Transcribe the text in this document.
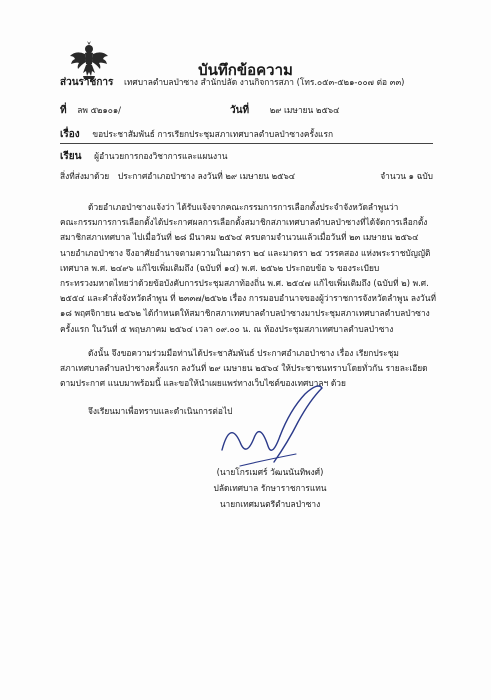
บันทึกข้อความ
ส่วนราชการ เทศบาลตำบลป่าซาง สำนักปลัด งานกิจการสภา (โทร.๐๕๓-๕๒๑-๐๐๗ ต่อ ๓๓)
ที่ ลพ ๕๒๑๐๑/	วันที่ ๒๙ เมษายน ๒๕๖๔
เรื่อง ขอประชาสัมพันธ์ การเรียกประชุมสภาเทศบาลตำบลป่าซางครั้งแรก
เรียน ผู้อำนวยการกองวิชาการและแผนงาน
สิ่งที่ส่งมาด้วย ประกาศอำเภอป่าซาง ลงวันที่ ๒๙ เมษายน ๒๕๖๔	จำนวน ๑ ฉบับ
ด้วยอำเภอป่าซางแจ้งว่า ได้รับแจ้งจากคณะกรรมการการเลือกตั้งประจำจังหวัดลำพูนว่า
คณะกรรมการการเลือกตั้งได้ประกาศผลการเลือกตั้งสมาชิกสภาเทศบาลตำบลป่าซางที่ได้จัดการเลือกตั้ง
สมาชิกสภาเทศบาล ไปเมื่อวันที่ ๒๘ มีนาคม ๒๕๖๔ ครบตามจำนวนแล้วเมื่อวันที่ ๒๓ เมษายน ๒๕๖๔
นายอำเภอป่าซาง จึงอาศัยอำนาจตามความในมาตรา ๒๔ และมาตรา ๒๕ วรรคสอง แห่งพระราชบัญญัติ
เทศบาล พ.ศ. ๒๔๙๖ แก้ไขเพิ่มเติมถึง (ฉบับที่ ๑๔) พ.ศ. ๒๕๖๒ ประกอบข้อ ๖ ของระเบียบ
กระทรวงมหาดไทยว่าด้วยข้อบังคับการประชุมสภาท้องถิ่น พ.ศ. ๒๕๔๗ แก้ไขเพิ่มเติมถึง (ฉบับที่ ๒) พ.ศ.
๒๕๕๔ และคำสั่งจังหวัดลำพูน ที่ ๒๓๓๗/๒๕๖๒ เรื่อง การมอบอำนาจของผู้ว่าราชการจังหวัดลำพูน ลงวันที่
๑๘ พฤศจิกายน ๒๕๖๒ ได้กำหนดให้สมาชิกสภาเทศบาลตำบลป่าซางมาประชุมสภาเทศบาลตำบลป่าซาง
ครั้งแรก ในวันที่ ๕ พฤษภาคม ๒๕๖๔ เวลา ๐๙.๐๐ น. ณ ห้องประชุมสภาเทศบาลตำบลป่าซาง
ดังนั้น จึงขอความร่วมมือท่านได้ประชาสัมพันธ์ ประกาศอำเภอป่าซาง เรื่อง เรียกประชุม
สภาเทศบาลตำบลป่าซางครั้งแรก ลงวันที่ ๒๙ เมษายน ๒๕๖๔ ให้ประชาชนทราบโดยทั่วกัน รายละเอียด
ตามประกาศ แนบมาพร้อมนี้ และขอให้นำเผยแพร่ทางเว็บไซต์ของเทศบาลฯ ด้วย
จึงเรียนมาเพื่อทราบและดำเนินการต่อไป
(นายโกรเมศร์ วัฒนนันทิพงศ์)
ปลัดเทศบาล รักษาราชการแทน
นายกเทศมนตรีตำบลป่าซาง
